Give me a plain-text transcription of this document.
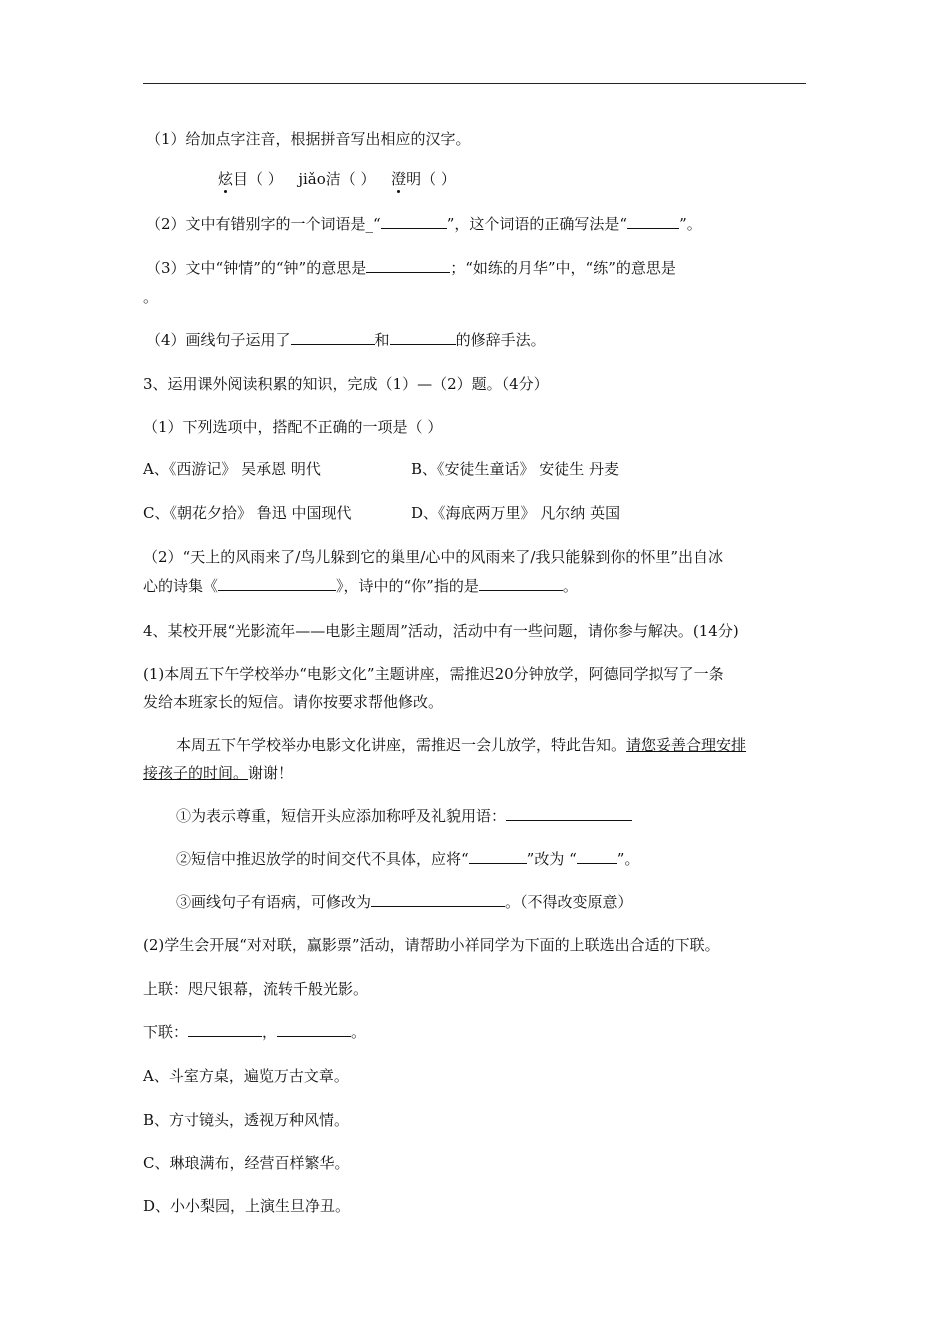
（1）给加点字注音，根据拼音写出相应的汉字。
炫目（ ） jiǎo洁（ ） 澄明（ ）
（2）文中有错别字的一个词语是_“	”，这个词语的正确写法是“	”。
（3）文中“钟情”的“钟”的意思是	；“如练的月华”中，“练”的意思是
。
（4）画线句子运用了	和	的修辞手法。
3、运用课外阅读积累的知识，完成（1）—（2）题。（4分）
（1）下列选项中，搭配不正确的一项是（ ）
A、《西游记》 吴承恩 明代	B、《安徒生童话》 安徒生 丹麦
C、《朝花夕拾》 鲁迅 中国现代	D、《海底两万里》 凡尔纳 英国
（2）“天上的风雨来了/鸟儿躲到它的巢里/心中的风雨来了/我只能躲到你的怀里”出自冰
心的诗集《	》，诗中的“你”指的是	。
4、某校开展“光影流年——电影主题周”活动，活动中有一些问题，请你参与解决。(14分)
(1)本周五下午学校举办“电影文化”主题讲座，需推迟20分钟放学，阿德同学拟写了一条
发给本班家长的短信。请你按要求帮他修改。
本周五下午学校举办电影文化讲座，需推迟一会儿放学，特此告知。请您妥善合理安排
接孩子的时间。谢谢！
①为表示尊重，短信开头应添加称呼及礼貌用语：
②短信中推迟放学的时间交代不具体，应将“	”改为 “	”。
③画线句子有语病，可修改为	。（不得改变原意）
(2)学生会开展“对对联，赢影票”活动，请帮助小祥同学为下面的上联选出合适的下联。
上联：咫尺银幕，流转千般光影。
下联：	，	。
A、斗室方桌，遍览万古文章。
B、方寸镜头，透视万种风情。
C、琳琅满布，经营百样繁华。
D、小小梨园，上演生旦净丑。
